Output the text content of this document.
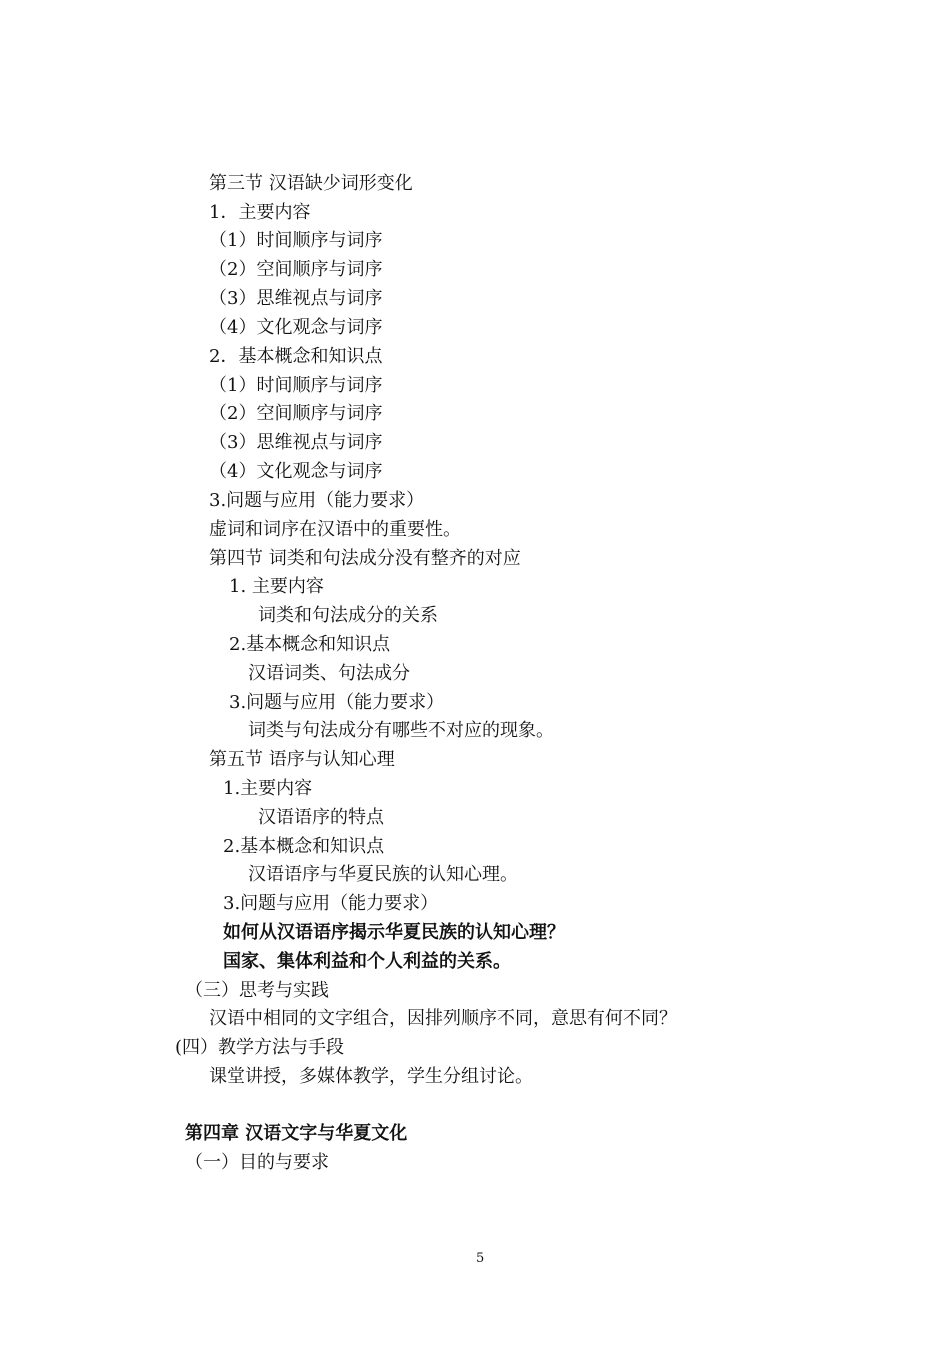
第三节 汉语缺少词形变化
1．主要内容
（1）时间顺序与词序
（2）空间顺序与词序
（3）思维视点与词序
（4）文化观念与词序
2．基本概念和知识点
（1）时间顺序与词序
（2）空间顺序与词序
（3）思维视点与词序
（4）文化观念与词序
3.问题与应用（能力要求）
虚词和词序在汉语中的重要性。
第四节 词类和句法成分没有整齐的对应
1. 主要内容
词类和句法成分的关系
2.基本概念和知识点
汉语词类、句法成分
3.问题与应用（能力要求）
词类与句法成分有哪些不对应的现象。
第五节 语序与认知心理
1.主要内容
汉语语序的特点
2.基本概念和知识点
汉语语序与华夏民族的认知心理。
3.问题与应用（能力要求）
如何从汉语语序揭示华夏民族的认知心理？
国家、集体利益和个人利益的关系。
（三）思考与实践
汉语中相同的文字组合，因排列顺序不同，意思有何不同？
(四）教学方法与手段
课堂讲授，多媒体教学，学生分组讨论。
第四章 汉语文字与华夏文化
（一）目的与要求
5
